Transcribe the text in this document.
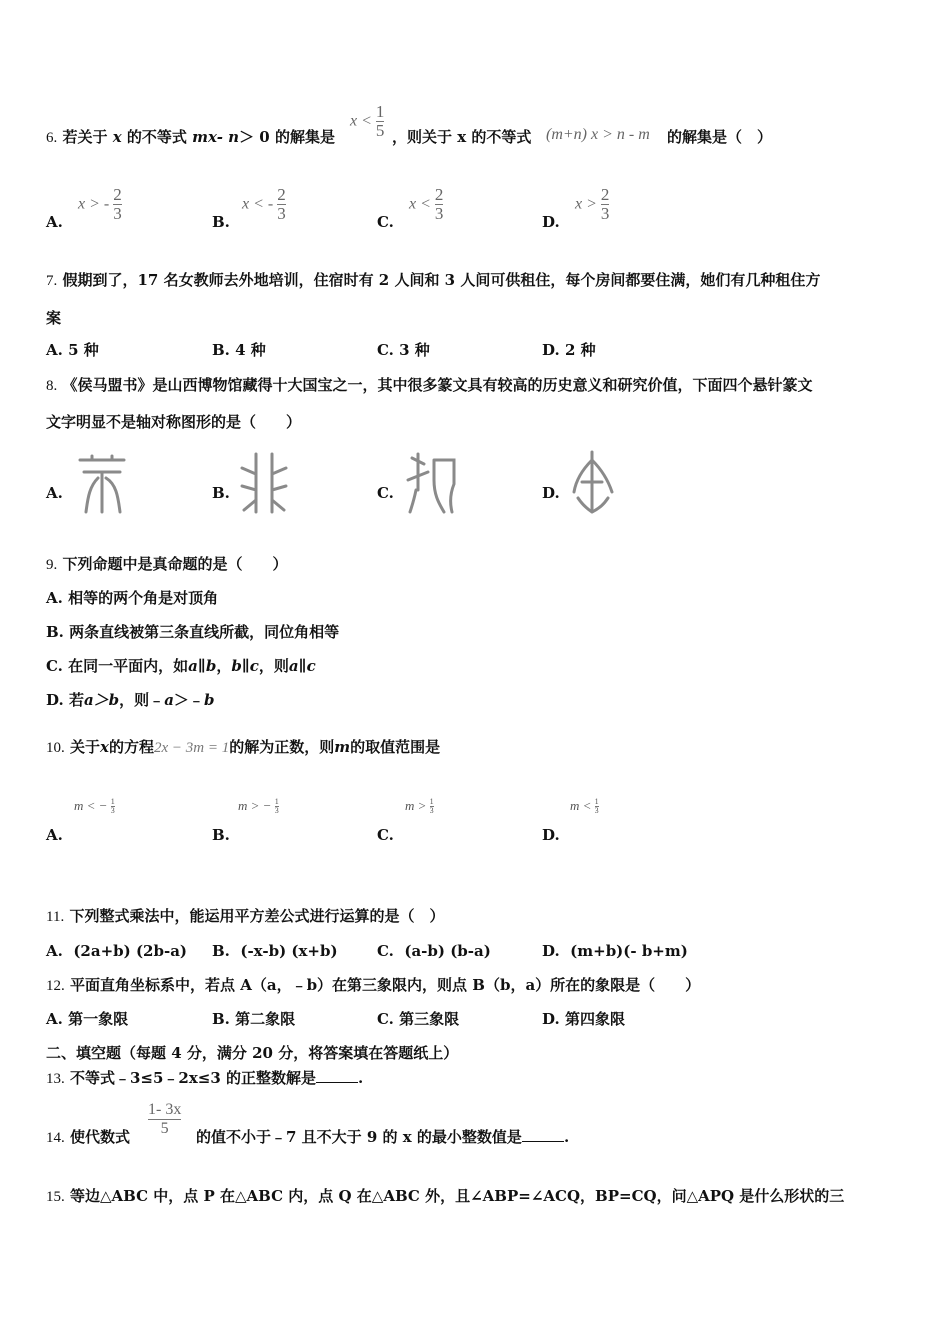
6. 若关于 x 的不等式 mx- n＞ 0 的解集是
$x < \frac{1}{5}$ ，则关于 x 的不等式 (m+n) x > n - m 的解集是（　）
A.
x > - $\frac{2}{3}$	B.
x < - $\frac{2}{3}$	C.
$x < \frac{2}{3}$	D.
$x > \frac{2}{3}$
7. 假期到了，17 名女教师去外地培训，住宿时有 2 人间和 3 人间可供租住，每个房间都要住满，她们有几种租住方
案
A. 5 种	B. 4 种	C. 3 种	D. 2 种
8. 《侯马盟书》是山西博物馆藏得十大国宝之一，其中很多篆文具有较高的历史意义和研究价值，下面四个悬针篆文
文字明显不是轴对称图形的是（　　）
A.	B.	C.	D.
9. 下列命题中是真命题的是（　　）
A. 相等的两个角是对顶角
B. 两条直线被第三条直线所截，同位角相等
C. 在同一平面内，如a∥b，b∥c，则a∥c
D. 若a＞b，则﹣a＞﹣b
10. 关于x的方程2x − 3m = 1的解为正数，则m的取值范围是
A.
m < − $\frac{1}{3}$
B.
m > − $\frac{1}{3}$
C.
$m > \frac{1}{3}$
D.
$m < \frac{1}{3}$
11. 下列整式乘法中，能运用平方差公式进行运算的是（　）
A. (2a+b) (2b-a) B. (-x-b) (x+b)	C. (a-b) (b-a)	D. (m+b)(- b+m)
12. 平面直角坐标系中，若点 A（a，﹣b）在第三象限内，则点 B（b，a）所在的象限是（　　）
A. 第一象限	B. 第二象限	C. 第三象限	D. 第四象限
二、填空题（每题 4 分，满分 20 分，将答案填在答题纸上）
13. 不等式﹣3≤5﹣2x≤3 的正整数解是	.
14. 使代数式 $\frac{1- 3x}{5}$ 的值不小于﹣7 且不大于 9 的 x 的最小整数值是	.
15. 等边△ABC 中，点 P 在△ABC 内，点 Q 在△ABC 外，且∠ABP=∠ACQ，BP=CQ，问△APQ 是什么形状的三
